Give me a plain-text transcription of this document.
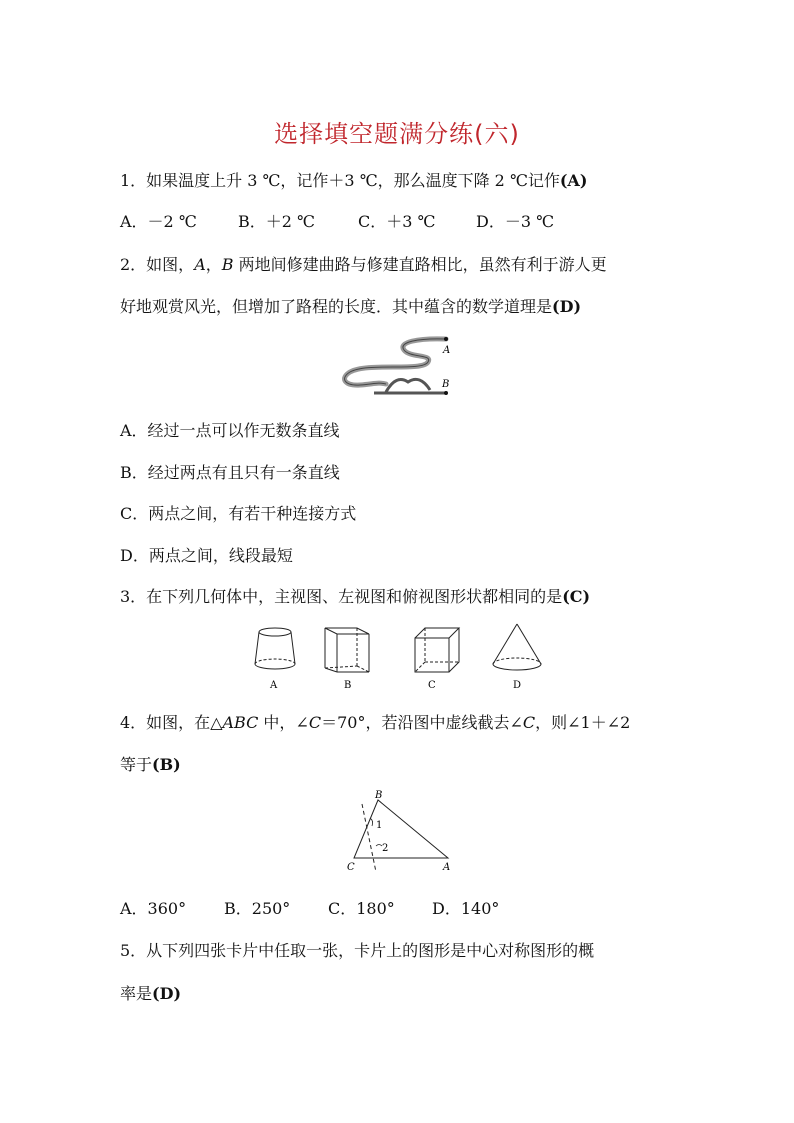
选择填空题满分练(六)
1．如果温度上升 3 ℃，记作＋3 ℃，那么温度下降 2 ℃记作(A)
A．－2 ℃	B．＋2 ℃	C．＋3 ℃	D．－3 ℃
2．如图，A，B 两地间修建曲路与修建直路相比，虽然有利于游人更
好地观赏风光，但增加了路程的长度．其中蕴含的数学道理是(D)
A
B
A．经过一点可以作无数条直线
B．经过两点有且只有一条直线
C．两点之间，有若干种连接方式
D．两点之间，线段最短
3．在下列几何体中，主视图、左视图和俯视图形状都相同的是(C)
A	B	C	D
4．如图，在△ABC 中，∠C＝70°，若沿图中虚线截去∠C，则∠1＋∠2
等于(B)
B
C	A
1
2
A．360° B．250° C．180° D．140°
5．从下列四张卡片中任取一张，卡片上的图形是中心对称图形的概
率是(D)
